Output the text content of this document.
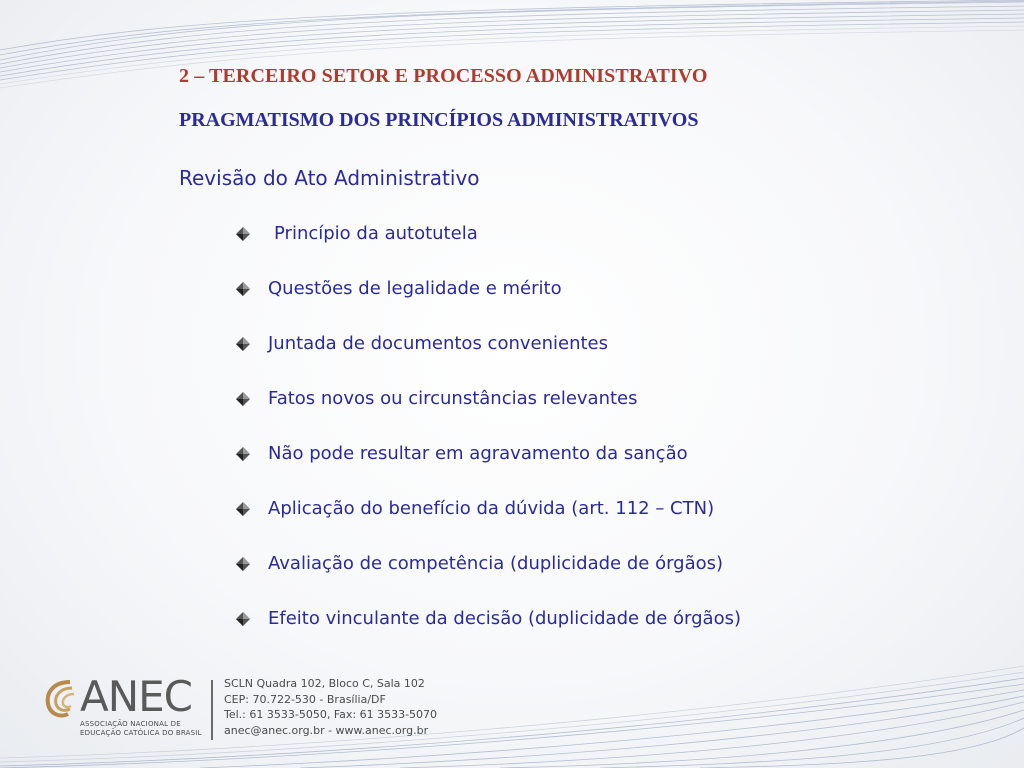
2 – TERCEIRO SETOR E PROCESSO ADMINISTRATIVO
PRAGMATISMO DOS PRINCÍPIOS ADMINISTRATIVOS
Revisão do Ato Administrativo
Princípio da autotutela
Questões de legalidade e mérito
Juntada de documentos convenientes
Fatos novos ou circunstâncias relevantes
Não pode resultar em agravamento da sanção
Aplicação do benefício da dúvida (art. 112 – CTN)
Avaliação de competência (duplicidade de órgãos)
Efeito vinculante da decisão (duplicidade de órgãos)
ANEC
ASSOCIAÇÃO NACIONAL DE
EDUCAÇÃO CATÓLICA DO BRASIL
SCLN Quadra 102, Bloco C, Sala 102
CEP: 70.722-530 - Brasília/DF
Tel.: 61 3533-5050, Fax: 61 3533-5070
anec@anec.org.br - www.anec.org.br
